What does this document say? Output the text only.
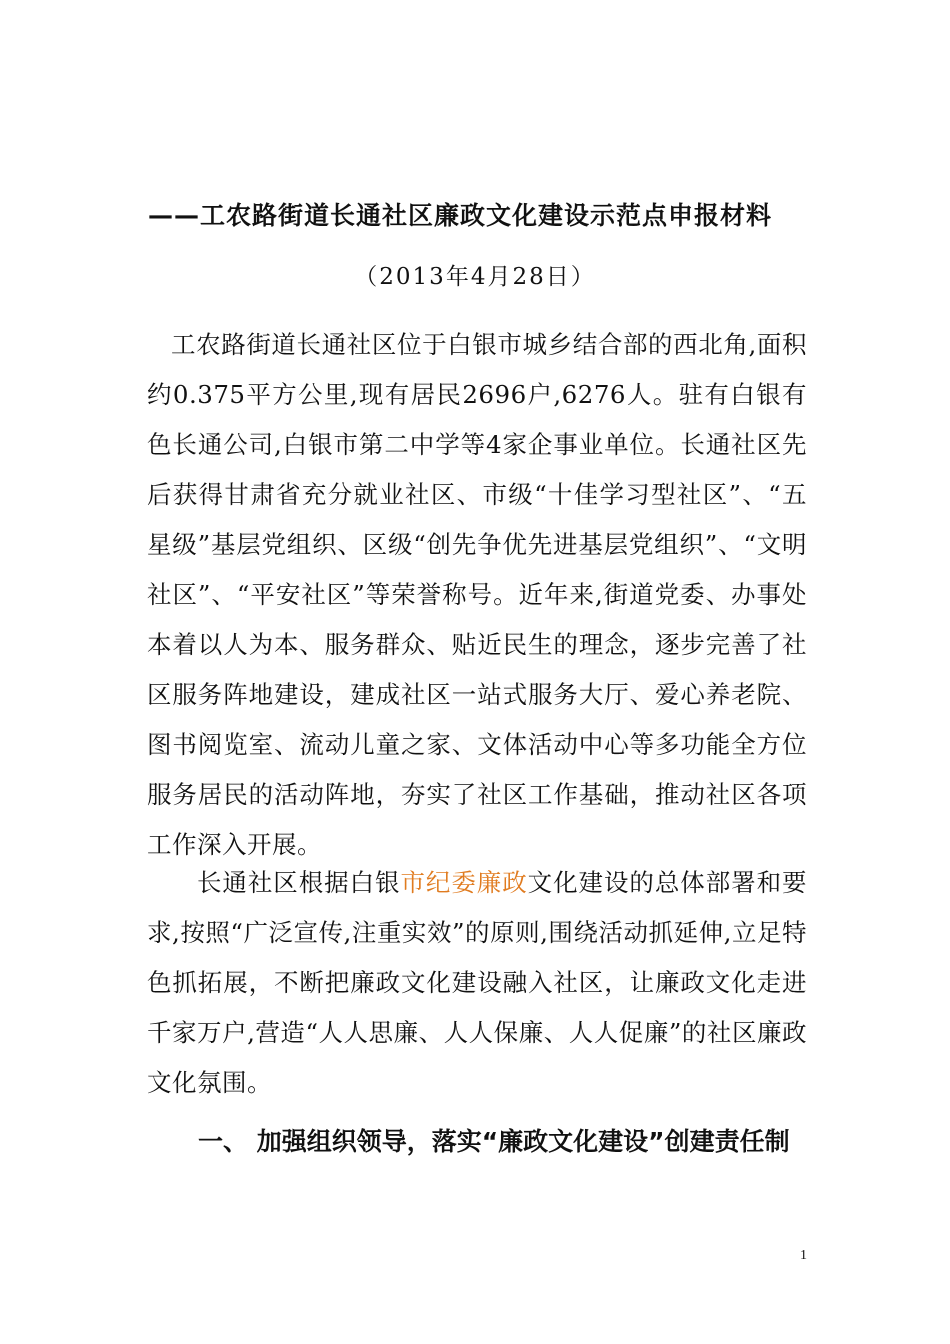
——工农路街道长通社区廉政文化建设示范点申报材料
（2013年4月28日）
工农路街道长通社区位于白银市城乡结合部的西北角,面积约0.375平方公里,现有居民2696户,6276人。驻有白银有色长通公司,白银市第二中学等4家企事业单位。长通社区先后获得甘肃省充分就业社区、市级“十佳学习型社区”、“五星级”基层党组织、区级“创先争优先进基层党组织”、“文明社区”、“平安社区”等荣誉称号。近年来,街道党委、办事处本着以人为本、服务群众、贴近民生的理念，逐步完善了社区服务阵地建设，建成社区一站式服务大厅、爱心养老院、图书阅览室、流动儿童之家、文体活动中心等多功能全方位服务居民的活动阵地，夯实了社区工作基础，推动社区各项工作深入开展。
长通社区根据白银市纪委廉政文化建设的总体部署和要求,按照“广泛宣传,注重实效”的原则,围绕活动抓延伸,立足特色抓拓展，不断把廉政文化建设融入社区，让廉政文化走进千家万户,营造“人人思廉、人人保廉、人人促廉”的社区廉政文化氛围。
一、 加强组织领导，落实“廉政文化建设”创建责任制
1
